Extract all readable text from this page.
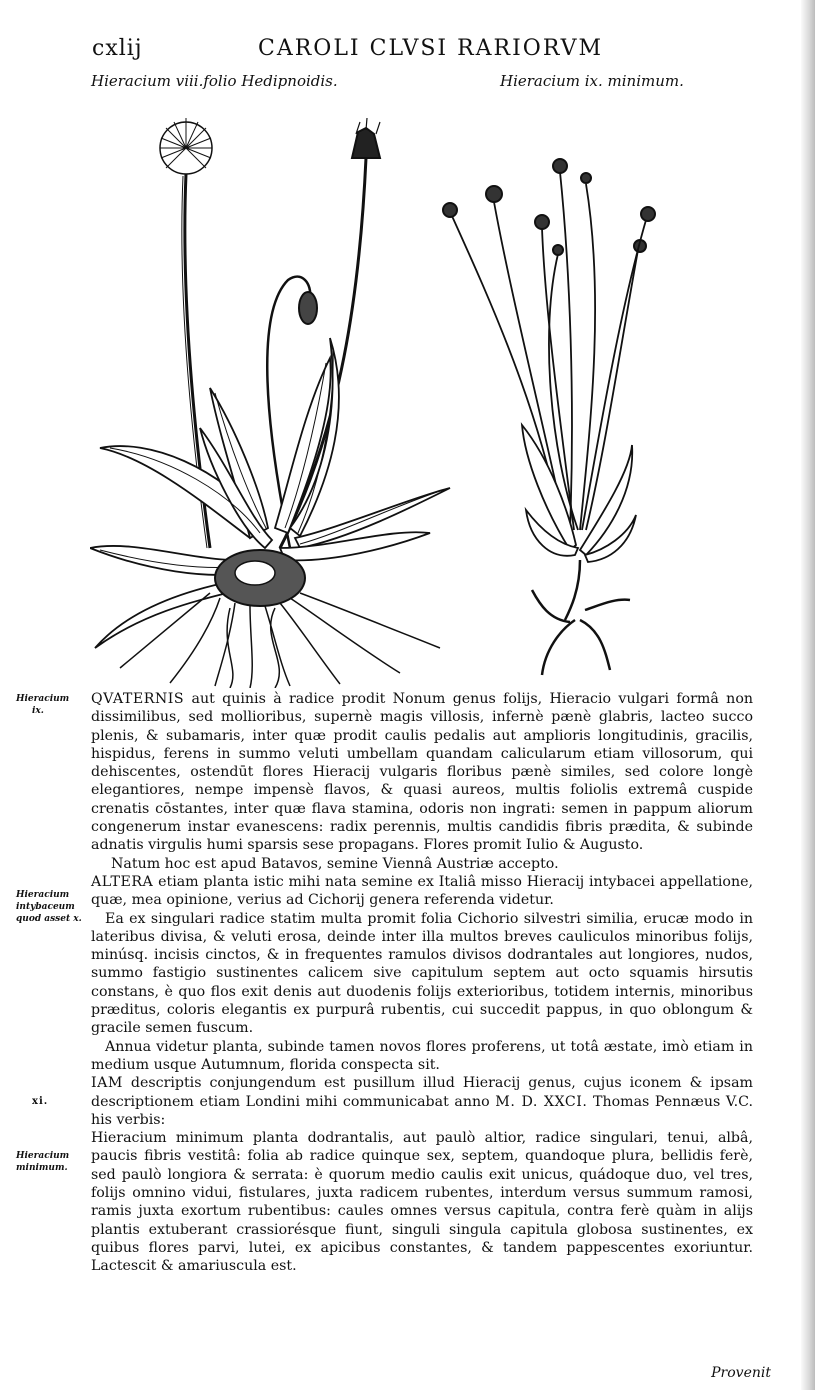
cxlij	CAROLI CLVSI RARIORVM
Hieracium viii.folio Hedipnoidis.	Hieracium ix. minimum.
Hieracium
ix.
Hieracium intybaceum quod asset x.
xi.
Hieracium minimum.

QVATERNIS aut quinis à radice prodit Nonum genus folijs, Hieracio vulgari formâ non dissimilibus, sed mollioribus, supernè magis villosis, infernè pænè glabris, lacteo succo plenis, & subamaris, inter quæ prodit caulis pedalis aut amplioris longitudinis, gracilis, hispidus, ferens in summo veluti umbellam quandam calicularum etiam villosorum, qui dehiscentes, ostendūt flores Hieracij vulgaris floribus pænè similes, sed colore longè elegantiores, nempe impensè flavos, & quasi aureos, multis foliolis extremâ cuspide crenatis cōstantes, inter quæ flava stamina, odoris non ingrati: semen in pappum aliorum congenerum instar evanescens: radix perennis, multis candidis fibris prædita, & subinde adnatis virgulis humi sparsis sese propagans. Flores promit Iulio & Augusto.

Natum hoc est apud Batavos, semine Viennâ Austriæ accepto.

ALTERA etiam planta istic mihi nata semine ex Italiâ misso Hieracij intybacei appellatione, quæ, mea opinione, verius ad Cichorij genera referenda videtur.

Ea ex singulari radice statim multa promit folia Cichorio silvestri similia, erucæ modo in lateribus divisa, & veluti erosa, deinde inter illa multos breves cauliculos minoribus folijs, minúsq. incisis cinctos, & in frequentes ramulos divisos dodrantales aut longiores, nudos, summo fastigio sustinentes calicem sive capitulum septem aut octo squamis hirsutis constans, è quo flos exit denis aut duodenis folijs exterioribus, totidem internis, minoribus præditus, coloris elegantis ex purpurâ rubentis, cui succedit pappus, in quo oblongum & gracile semen fuscum.

Annua videtur planta, subinde tamen novos flores proferens, ut totâ æstate, imò etiam in medium usque Autumnum, florida conspecta sit.

IAM descriptis conjungendum est pusillum illud Hieracij genus, cujus iconem & ipsam descriptionem etiam Londini mihi communicabat anno M. D. XXCI. Thomas Pennæus V.C. his verbis:

Hieracium minimum planta dodrantalis, aut paulò altior, radice singulari, tenui, albâ, paucis fibris vestitâ: folia ab radice quinque sex, septem, quandoque plura, bellidis ferè, sed paulò longiora & serrata: è quorum medio caulis exit unicus, quádoque duo, vel tres, folijs omnino vidui, fistulares, juxta radicem rubentes, interdum versus summum ramosi, ramis juxta exortum rubentibus: caules omnes versus capitula, contra ferè quàm in alijs plantis extuberant crassiorésque fiunt, singuli singula capitula globosa sustinentes, ex quibus flores parvi, lutei, ex apicibus constantes, & tandem pappescentes exoriuntur. Lactescit & amariuscula est.

Provenit
